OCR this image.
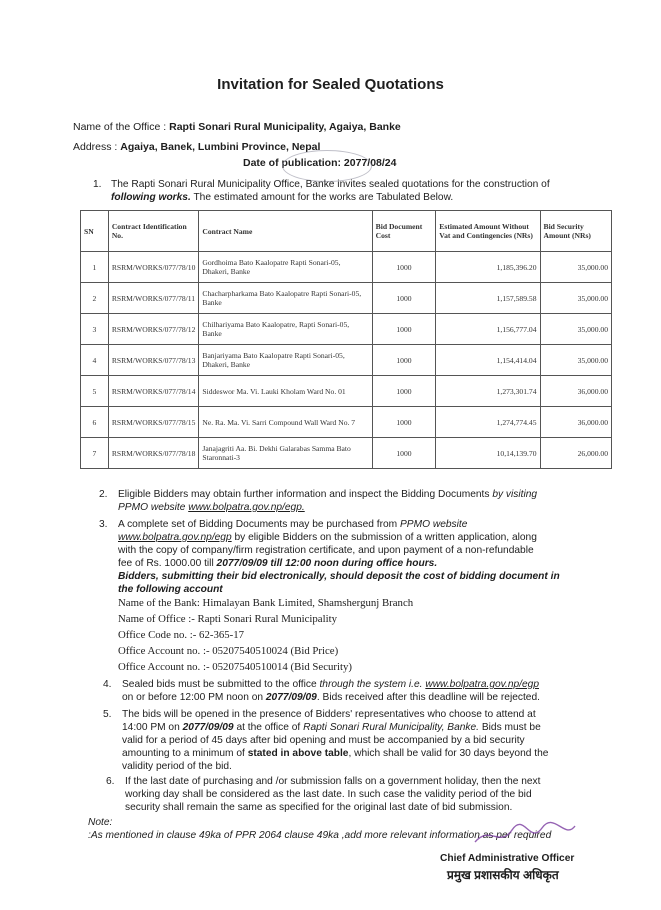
Invitation for Sealed Quotations
Name of the Office : Rapti Sonari Rural Municipality, Agaiya, Banke
Address : Agaiya, Banek, Lumbini Province, Nepal
Date of publication: 2077/08/24
1. The Rapti Sonari Rural Municipality Office, Banke invites sealed quotations for the construction of
following works. The estimated amount for the works are Tabulated Below.
SN	Contract Identification No.	Contract Name	Bid Document Cost	Estimated Amount Without Vat and Contingencies (NRs)	Bid Security Amount (NRs)
1	RSRM/WORKS/077/78/10	Gordhoima Bato Kaalopatre Rapti Sonari-05, Dhakeri, Banke	1000	1,185,396.20	35,000.00
2	RSRM/WORKS/077/78/11	Chacharpharkama Bato Kaalopatre Rapti Sonari-05, Banke	1000	1,157,589.58	35,000.00
3	RSRM/WORKS/077/78/12	Chilhariyama Bato Kaalopatre, Rapti Sonari-05, Banke	1000	1,156,777.04	35,000.00
4	RSRM/WORKS/077/78/13	Banjariyama Bato Kaalopatre Rapti Sonari-05, Dhakeri, Banke	1000	1,154,414.04	35,000.00
5	RSRM/WORKS/077/78/14	Siddeswor Ma. Vi. Lauki Kholam Ward No. 01	1000	1,273,301.74	36,000.00
6	RSRM/WORKS/077/78/15	Ne. Ra. Ma. Vi. Sarri Compound Wall Ward No. 7	1000	1,274,774.45	36,000.00
7	RSRM/WORKS/077/78/18	Janajagriti Aa. Bi. Dekhi Galarabas Samma Bato Staronnati-3	1000	10,14,139.70	26,000.00
2. Eligible Bidders may obtain further information and inspect the Bidding Documents by visiting
PPMO website www.bolpatra.gov.np/egp.
3. A complete set of Bidding Documents may be purchased from PPMO website
www.bolpatra.gov.np/egp by eligible Bidders on the submission of a written application, along
with the copy of company/firm registration certificate, and upon payment of a non-refundable
fee of Rs. 1000.00 till 2077/09/09 till 12:00 noon during office hours.
Bidders, submitting their bid electronically, should deposit the cost of bidding document in
the following account
Name of the Bank: Himalayan Bank Limited, Shamshergunj Branch
Name of Office :- Rapti Sonari Rural Municipality
Office Code no. :- 62-365-17
Office Account no. :- 05207540510024 (Bid Price)
Office Account no. :- 05207540510014 (Bid Security)
4. Sealed bids must be submitted to the office through the system i.e. www.bolpatra.gov.np/egp
on or before 12:00 PM noon on 2077/09/09. Bids received after this deadline will be rejected.
5. The bids will be opened in the presence of Bidders' representatives who choose to attend at
14:00 PM on 2077/09/09 at the office of Rapti Sonari Rural Municipality, Banke. Bids must be
valid for a period of 45 days after bid opening and must be accompanied by a bid security
amounting to a minimum of stated in above table, which shall be valid for 30 days beyond the
validity period of the bid.
6. If the last date of purchasing and /or submission falls on a government holiday, then the next
working day shall be considered as the last date. In such case the validity period of the bid
security shall remain the same as specified for the original last date of bid submission.
Note:
:As mentioned in clause 49ka of PPR 2064 clause 49ka ,add more relevant information as per required
Chief Administrative Officer
प्रमुख प्रशासकीय अधिकृत
